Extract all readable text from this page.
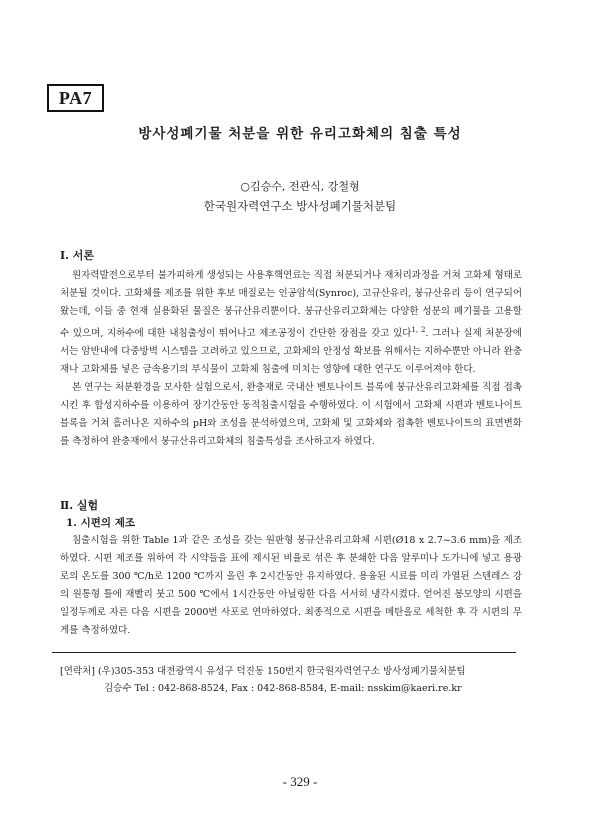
PA7
방사성폐기물 처분을 위한 유리고화체의 침출 특성
○김승수, 전관식, 강철형
한국원자력연구소 방사성폐기물처분팀
Ⅰ. 서론

원자력발전으로부터 불가피하게 생성되는 사용후핵연료는 직접 처분되거나 재처리과정을 거쳐 고화체 형태로 처분될 것이다. 고화체를 제조를 위한 후보 매질로는 인공암석(Synroc), 고규산유리, 붕규산유리 등이 연구되어 왔는데, 이들 중 현재 실용화된 물질은 붕규산유리뿐이다. 붕규산유리고화체는 다양한 성분의 폐기물을 고용할 수 있으며, 지하수에 대한 내침출성이 뛰어나고 제조공정이 간단한 장점을 갖고 있다$^{1, 2}$. 그러나 실제 처분장에서는 암반내에 다중방벽 시스템을 고려하고 있으므로, 고화체의 안정성 확보를 위해서는 지하수뿐만 아니라 완충재나 고화체를 넣은 금속용기의 부식물이 고화체 침출에 미치는 영향에 대한 연구도 이루어져야 한다.

본 연구는 처분환경을 모사한 실험으로서, 완충재로 국내산 벤토나이트 블록에 붕규산유리고화체를 직접 접촉시킨 후 합성지하수를 이용하여 장기간동안 동적침출시험을 수행하였다. 이 시험에서 고화체 시편과 벤토나이트 블록을 거쳐 흘러나온 지하수의 pH와 조성을 분석하였으며, 고화체 및 고화체와 접촉한 벤토나이트의 표면변화를 측정하여 완충재에서 붕규산유리고화체의 침출특성을 조사하고자 하였다.

Ⅱ. 실험
1. 시편의 제조

침출시험을 위한 Table 1과 같은 조성을 갖는 원판형 붕규산유리고화체 시편(Ø18 x 2.7~3.6 mm)을 제조하였다. 시편 제조를 위하여 각 시약들을 표에 제시된 비율로 섞은 후 분쇄한 다음 알루미나 도가니에 넣고 용광로의 온도를 300 ℃/h로 1200 ℃까지 올린 후 2시간동안 유지하였다. 용융된 시료를 미리 가열된 스텐레스 강의 원통형 틀에 재빨리 붓고 500 ℃에서 1시간동안 아닐링한 다음 서서히 냉각시켰다. 얻어진 봉모양의 시편을 일정두께로 자른 다음 시편을 2000번 사포로 연마하였다. 최종적으로 시편을 메탄올로 세척한 후 각 시편의 무게를 측정하였다.

[연락처] (우)305-353 대전광역시 유성구 덕진동 150번지 한국원자력연구소 방사성폐기물처분팀
김승수 Tel : 042-868-8524, Fax : 042-868-8584, E-mail: nsskim@kaeri.re.kr
- 329 -
